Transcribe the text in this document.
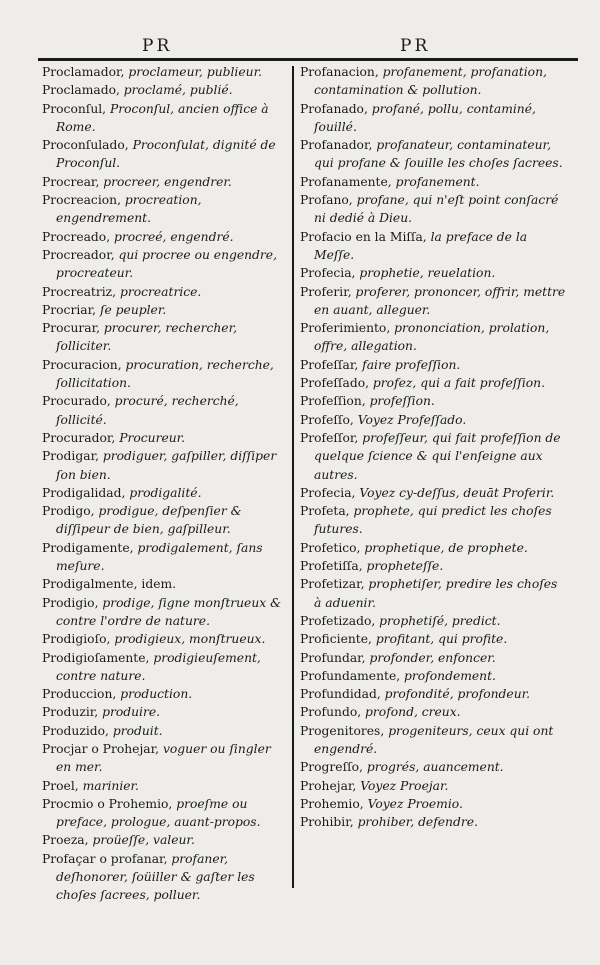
PR	PR

Proclamador, proclameur, publieur.

Proclamado, proclamé, publié.

Proconſul, Proconſul, ancien office à Rome.

Proconſulado, Proconſulat, dignité de Proconſul.

Procrear, procreer, engendrer.

Procreacion, procreation, engendrement.

Procreado, procreé, engendré.

Procreador, qui procree ou engendre, procreateur.

Procreatriz, procreatrice.

Procriar, ſe peupler.

Procurar, procurer, rechercher, ſolliciter.

Procuracion, procuration, recherche, ſollicitation.

Procurado, procuré, recherché, ſollicité.

Procurador, Procureur.

Prodigar, prodiguer, gaſpiller, diſſiper ſon bien.

Prodigalidad, prodigalité.

Prodigo, prodigue, deſpenſier & diſſipeur de bien, gaſpilleur.

Prodigamente, prodigalement, ſans meſure.

Prodigalmente, idem.

Prodigio, prodige, ſigne monſtrueux & contre l'ordre de nature.

Prodigioſo, prodigieux, monſtrueux.

Prodigioſamente, prodigieuſement, contre nature.

Produccion, production.

Produzir, produire.

Produzido, produit.

Procjar o Prohejar, voguer ou ſingler en mer.

Proel, marinier.

Procmio o Prohemio, proeſme ou preface, prologue, auant-propos.

Proeza, proüeſſe, valeur.

Profaçar o profanar, profaner, deſhonorer, ſoüiller & gaſter les choſes ſacrees, polluer.

Profanacion, profanement, profanation, contamination & pollution.

Profanado, profané, pollu, contaminé, ſouillé.

Profanador, profanateur, contaminateur, qui profane & ſouille les choſes ſacrees.

Profanamente, profanement.

Profano, profane, qui n'eſt point conſacré ni dedié à Dieu.

Profacio en la Miſſa, la preface de la Meſſe.

Profecia, prophetie, reuelation.

Proferir, proferer, prononcer, offrir, mettre en auant, alleguer.

Proferimiento, prononciation, prolation, offre, allegation.

Profeſſar, faire profeſſion.

Profeſſado, profez, qui a fait profeſſion.

Profeſſion, profeſſion.

Profeſſo, Voyez Profeſſado.

Profeſſor, profeſſeur, qui fait profeſſion de quelque ſcience & qui l'enſeigne aux autres.

Profecia, Voyez cy-deſſus, deuāt Proferir.

Profeta, prophete, qui predict les choſes futures.

Profetico, prophetique, de prophete.

Profetiſſa, propheteſſe.

Profetizar, prophetiſer, predire les choſes à aduenir.

Profetizado, prophetiſé, predict.

Proficiente, profitant, qui profite.

Profundar, profonder, enfoncer.

Profundamente, profondement.

Profundidad, profondité, profondeur.

Profundo, profond, creux.

Progenitores, progeniteurs, ceux qui ont engendré.

Progreſſo, progrés, auancement.

Prohejar, Voyez Proejar.

Prohemio, Voyez Proemio.

Prohibir, prohiber, defendre.
